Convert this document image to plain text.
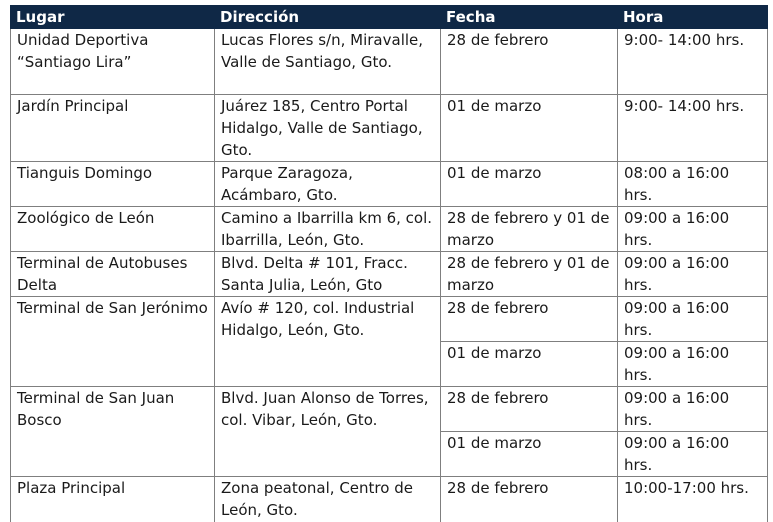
Lugar	Dirección	Fecha	Hora
Unidad Deportiva “Santiago Lira”	Lucas Flores s/n, Miravalle, Valle de Santiago, Gto.	28 de febrero	9:00- 14:00 hrs.
Jardín Principal	Juárez 185, Centro Portal Hidalgo, Valle de Santiago, Gto.	01 de marzo	9:00- 14:00 hrs.
Tianguis Domingo	Parque Zaragoza, Acámbaro, Gto.	01 de marzo	08:00 a 16:00 hrs.
Zoológico de León	Camino a Ibarrilla km 6, col. Ibarrilla, León, Gto.	28 de febrero y 01 de marzo	09:00 a 16:00 hrs.
Terminal de Autobuses Delta	Blvd. Delta # 101, Fracc. Santa Julia, León, Gto	28 de febrero y 01 de marzo	09:00 a 16:00 hrs.
Terminal de San Jerónimo	Avío # 120, col. Industrial Hidalgo, León, Gto.	28 de febrero	09:00 a 16:00 hrs.
		01 de marzo	09:00 a 16:00 hrs.
Terminal de San Juan Bosco	Blvd. Juan Alonso de Torres, col. Vibar, León, Gto.	28 de febrero	09:00 a 16:00 hrs.
		01 de marzo	09:00 a 16:00 hrs.
Plaza Principal	Zona peatonal, Centro de León, Gto.	28 de febrero	10:00-17:00 hrs.
